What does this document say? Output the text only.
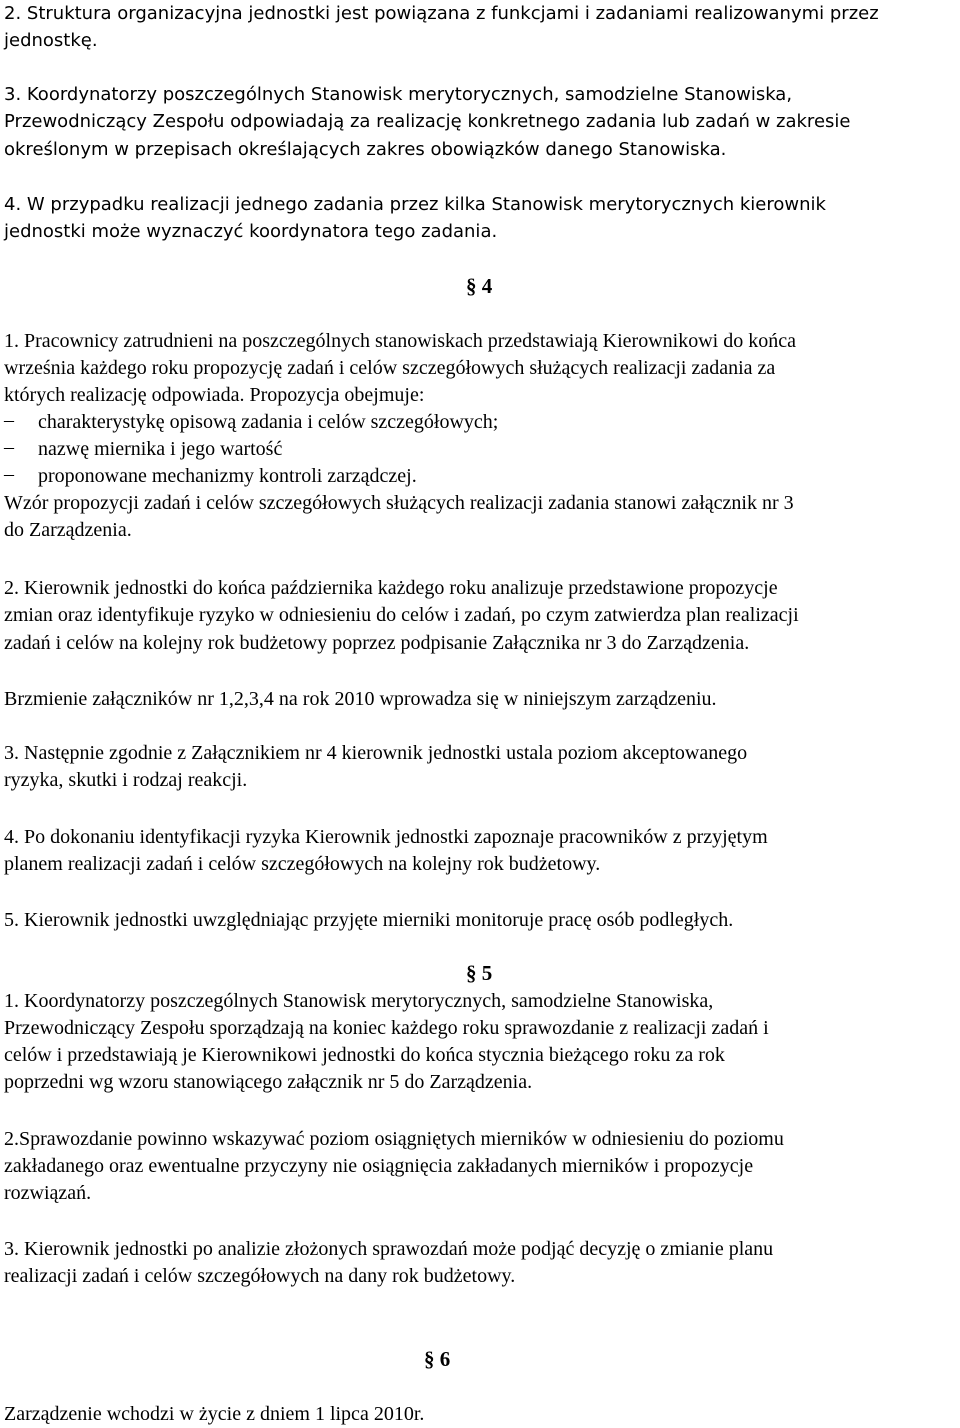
2. Struktura organizacyjna jednostki jest powiązana z funkcjami i zadaniami realizowanymi przez
jednostkę.
3. Koordynatorzy poszczególnych Stanowisk merytorycznych, samodzielne Stanowiska,
Przewodniczący Zespołu odpowiadają za realizację konkretnego zadania lub zadań w zakresie
określonym w przepisach określających zakres obowiązków danego Stanowiska.
4. W przypadku realizacji jednego zadania przez kilka Stanowisk merytorycznych kierownik
jednostki może wyznaczyć koordynatora tego zadania.
§ 4
1. Pracownicy zatrudnieni na poszczególnych stanowiskach przedstawiają Kierownikowi do końca
września każdego roku propozycję zadań i celów szczegółowych służących realizacji zadania za
których realizację odpowiada. Propozycja obejmuje:
– charakterystykę opisową zadania i celów szczegółowych;
– nazwę miernika i jego wartość
– proponowane mechanizmy kontroli zarządczej.
Wzór propozycji zadań i celów szczegółowych służących realizacji zadania stanowi załącznik nr 3
do Zarządzenia.
2. Kierownik jednostki do końca października każdego roku analizuje przedstawione propozycje
zmian oraz identyfikuje ryzyko w odniesieniu do celów i zadań, po czym zatwierdza plan realizacji
zadań i celów na kolejny rok budżetowy poprzez podpisanie Załącznika nr 3 do Zarządzenia.
Brzmienie załączników nr 1,2,3,4 na rok 2010 wprowadza się w niniejszym zarządzeniu.
3. Następnie zgodnie z Załącznikiem nr 4 kierownik jednostki ustala poziom akceptowanego
ryzyka, skutki i rodzaj reakcji.
4. Po dokonaniu identyfikacji ryzyka Kierownik jednostki zapoznaje pracowników z przyjętym
planem realizacji zadań i celów szczegółowych na kolejny rok budżetowy.
5. Kierownik jednostki uwzględniając przyjęte mierniki monitoruje pracę osób podległych.
§ 5
1. Koordynatorzy poszczególnych Stanowisk merytorycznych, samodzielne Stanowiska,
Przewodniczący Zespołu sporządzają na koniec każdego roku sprawozdanie z realizacji zadań i
celów i przedstawiają je Kierownikowi jednostki do końca stycznia bieżącego roku za rok
poprzedni wg wzoru stanowiącego załącznik nr 5 do Zarządzenia.
2.Sprawozdanie powinno wskazywać poziom osiągniętych mierników w odniesieniu do poziomu
zakładanego oraz ewentualne przyczyny nie osiągnięcia zakładanych mierników i propozycje
rozwiązań.
3. Kierownik jednostki po analizie złożonych sprawozdań może podjąć decyzję o zmianie planu
realizacji zadań i celów szczegółowych na dany rok budżetowy.
§ 6
Zarządzenie wchodzi w życie z dniem 1 lipca 2010r.
